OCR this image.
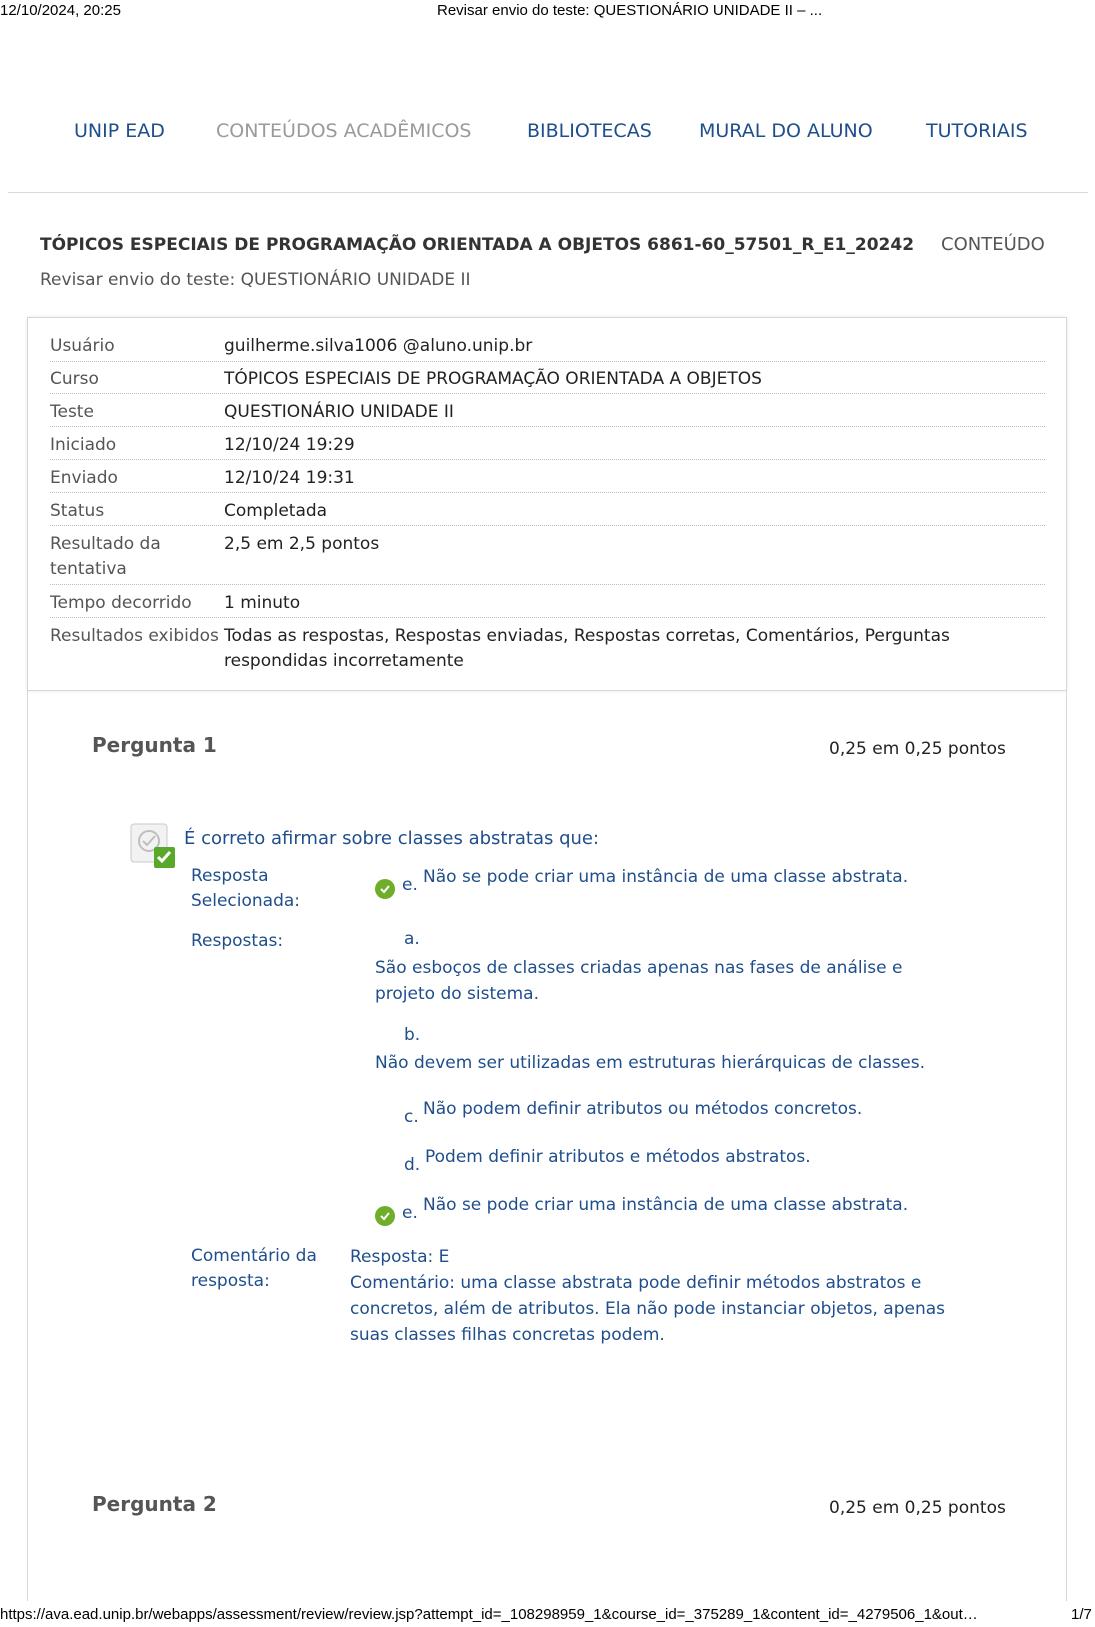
12/10/2024, 20:25	Revisar envio do teste: QUESTIONÁRIO UNIDADE II – ...
UNIP EAD	CONTEÚDOS ACADÊMICOS	BIBLIOTECAS MURAL DO ALUNO	TUTORIAIS
TÓPICOS ESPECIAIS DE PROGRAMAÇÃO ORIENTADA A OBJETOS 6861-60_57501_R_E1_20242 CONTEÚDO
Revisar envio do teste: QUESTIONÁRIO UNIDADE II
Usuário	guilherme.silva1006 @aluno.unip.br
Curso	TÓPICOS ESPECIAIS DE PROGRAMAÇÃO ORIENTADA A OBJETOS
Teste	QUESTIONÁRIO UNIDADE II
Iniciado	12/10/24 19:29
Enviado	12/10/24 19:31
Status	Completada
Resultado da tentativa
2,5 em 2,5 pontos
Tempo decorrido	1 minuto
Resultados exibidos Todas as respostas, Respostas enviadas, Respostas corretas, Comentários, Perguntas respondidas incorretamente
Pergunta 1	0,25 em 0,25 pontos
É correto afirmar sobre classes abstratas que:
Resposta Selecionada:
e. Não se pode criar uma instância de uma classe abstrata.
Respostas:	a.
São esboços de classes criadas apenas nas fases de análise e projeto do sistema.
b.
Não devem ser utilizadas em estruturas hierárquicas de classes.
c. Não podem definir atributos ou métodos concretos.
d. Podem definir atributos e métodos abstratos.
e. Não se pode criar uma instância de uma classe abstrata.
Comentário da resposta:
Resposta: E
Comentário: uma classe abstrata pode definir métodos abstratos e concretos, além de atributos. Ela não pode instanciar objetos, apenas suas classes filhas concretas podem.
Pergunta 2	0,25 em 0,25 pontos
https://ava.ead.unip.br/webapps/assessment/review/review.jsp?attempt_id=_108298959_1&course_id=_375289_1&content_id=_4279506_1&out…	1/7
